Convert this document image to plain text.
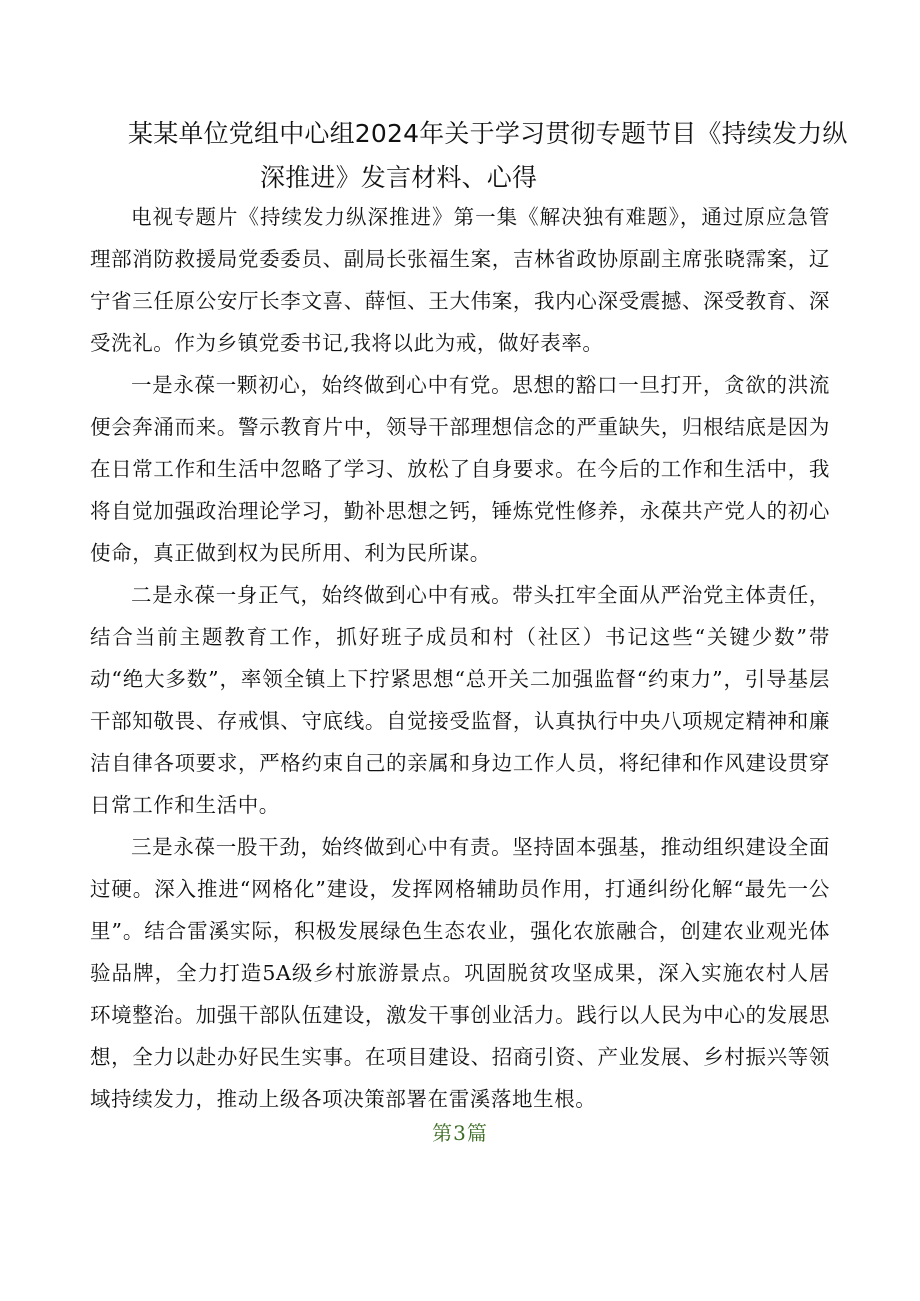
某某单位党组中心组2024年关于学习贯彻专题节目《持续发力纵
深推进》发言材料、心得

电视专题片《持续发力纵深推进》第一集《解决独有难题》，通过原应急管理部消防救援局党委委员、副局长张福生案，吉林省政协原副主席张晓霈案，辽宁省三任原公安厅长李文喜、薛恒、王大伟案，我内心深受震撼、深受教育、深受洗礼。作为乡镇党委书记,我将以此为戒，做好表率。

一是永葆一颗初心，始终做到心中有党。思想的豁口一旦打开，贪欲的洪流便会奔涌而来。警示教育片中，领导干部理想信念的严重缺失，归根结底是因为在日常工作和生活中忽略了学习、放松了自身要求。在今后的工作和生活中，我将自觉加强政治理论学习，勤补思想之钙，锤炼党性修养，永葆共产党人的初心使命，真正做到权为民所用、利为民所谋。

二是永葆一身正气，始终做到心中有戒。带头扛牢全面从严治党主体责任，结合当前主题教育工作，抓好班子成员和村（社区）书记这些“关键少数”带动“绝大多数”，率领全镇上下拧紧思想“总开关二加强监督“约束力”，引导基层干部知敬畏、存戒惧、守底线。自觉接受监督，认真执行中央八项规定精神和廉洁自律各项要求，严格约束自己的亲属和身边工作人员，将纪律和作风建设贯穿日常工作和生活中。

三是永葆一股干劲，始终做到心中有责。坚持固本强基，推动组织建设全面过硬。深入推进“网格化”建设，发挥网格辅助员作用，打通纠纷化解“最先一公里”。结合雷溪实际，积极发展绿色生态农业，强化农旅融合，创建农业观光体验品牌，全力打造5A级乡村旅游景点。巩固脱贫攻坚成果，深入实施农村人居环境整治。加强干部队伍建设，激发干事创业活力。践行以人民为中心的发展思想，全力以赴办好民生实事。在项目建设、招商引资、产业发展、乡村振兴等领域持续发力，推动上级各项决策部署在雷溪落地生根。

第3篇
